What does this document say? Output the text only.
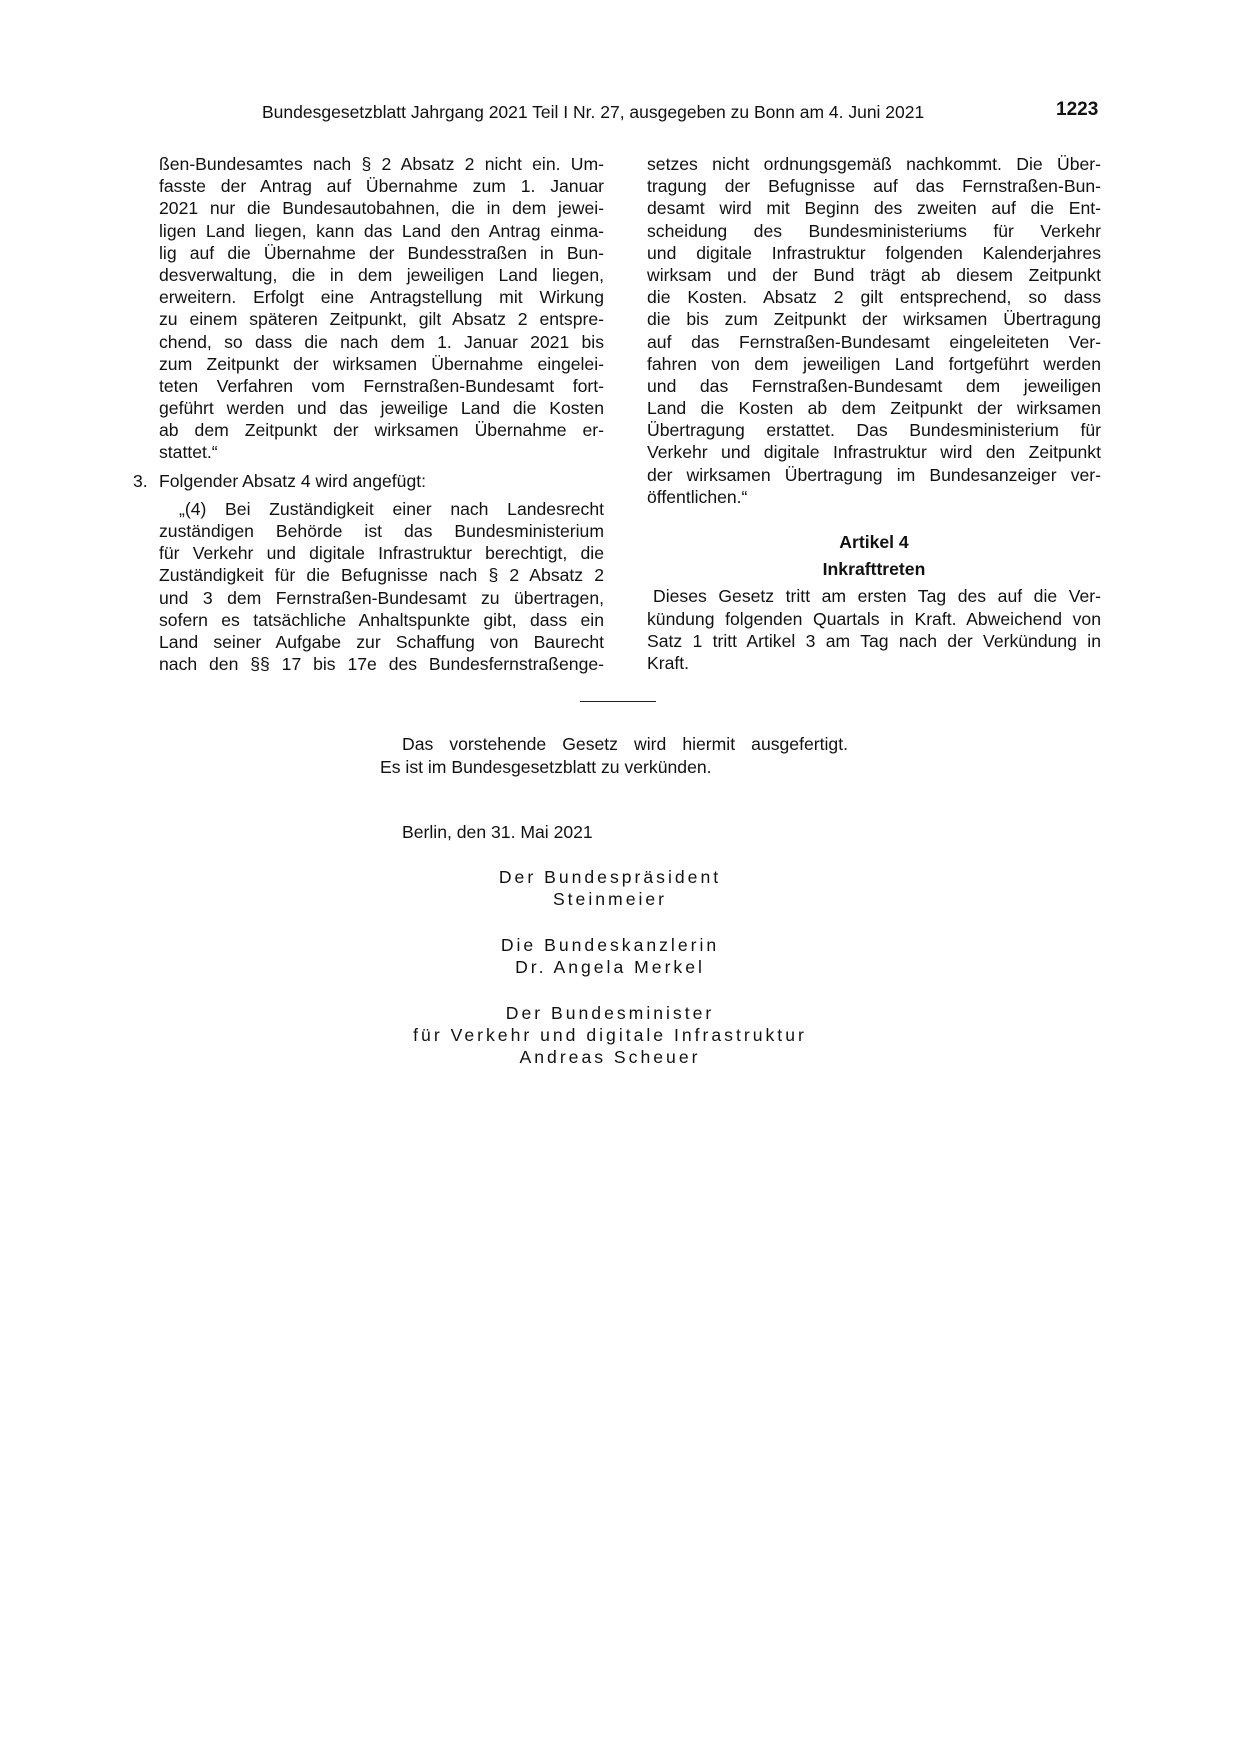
Bundesgesetzblatt Jahrgang 2021 Teil I Nr. 27, ausgegeben zu Bonn am 4. Juni 2021	1223
ßen-Bundesamtes nach § 2 Absatz 2 nicht ein. Um-
fasste der Antrag auf Übernahme zum 1. Januar
2021 nur die Bundesautobahnen, die in dem jewei-
ligen Land liegen, kann das Land den Antrag einma-
lig auf die Übernahme der Bundesstraßen in Bun-
desverwaltung, die in dem jeweiligen Land liegen,
erweitern. Erfolgt eine Antragstellung mit Wirkung
zu einem späteren Zeitpunkt, gilt Absatz 2 entspre-
chend, so dass die nach dem 1. Januar 2021 bis
zum Zeitpunkt der wirksamen Übernahme eingelei-
teten Verfahren vom Fernstraßen-Bundesamt fort-
geführt werden und das jeweilige Land die Kosten
ab dem Zeitpunkt der wirksamen Übernahme er-
stattet.“
3. Folgender Absatz 4 wird angefügt:
„(4) Bei Zuständigkeit einer nach Landesrecht
zuständigen Behörde ist das Bundesministerium
für Verkehr und digitale Infrastruktur berechtigt, die
Zuständigkeit für die Befugnisse nach § 2 Absatz 2
und 3 dem Fernstraßen-Bundesamt zu übertragen,
sofern es tatsächliche Anhaltspunkte gibt, dass ein
Land seiner Aufgabe zur Schaffung von Baurecht
nach den §§ 17 bis 17e des Bundesfernstraßenge-
setzes nicht ordnungsgemäß nachkommt. Die Über-
tragung der Befugnisse auf das Fernstraßen-Bun-
desamt wird mit Beginn des zweiten auf die Ent-
scheidung des Bundesministeriums für Verkehr
und digitale Infrastruktur folgenden Kalenderjahres
wirksam und der Bund trägt ab diesem Zeitpunkt
die Kosten. Absatz 2 gilt entsprechend, so dass
die bis zum Zeitpunkt der wirksamen Übertragung
auf das Fernstraßen-Bundesamt eingeleiteten Ver-
fahren von dem jeweiligen Land fortgeführt werden
und das Fernstraßen-Bundesamt dem jeweiligen
Land die Kosten ab dem Zeitpunkt der wirksamen
Übertragung erstattet. Das Bundesministerium für
Verkehr und digitale Infrastruktur wird den Zeitpunkt
der wirksamen Übertragung im Bundesanzeiger ver-
öffentlichen.“
Artikel 4
Inkrafttreten
Dieses Gesetz tritt am ersten Tag des auf die Ver-
kündung folgenden Quartals in Kraft. Abweichend von
Satz 1 tritt Artikel 3 am Tag nach der Verkündung in
Kraft.
Das vorstehende Gesetz wird hiermit ausgefertigt.
Es ist im Bundesgesetzblatt zu verkünden.
Berlin, den 31. Mai 2021
Der Bundespräsident
Steinmeier
Die Bundeskanzlerin
Dr. Angela Merkel
Der Bundesminister
für Verkehr und digitale Infrastruktur
Andreas Scheuer
